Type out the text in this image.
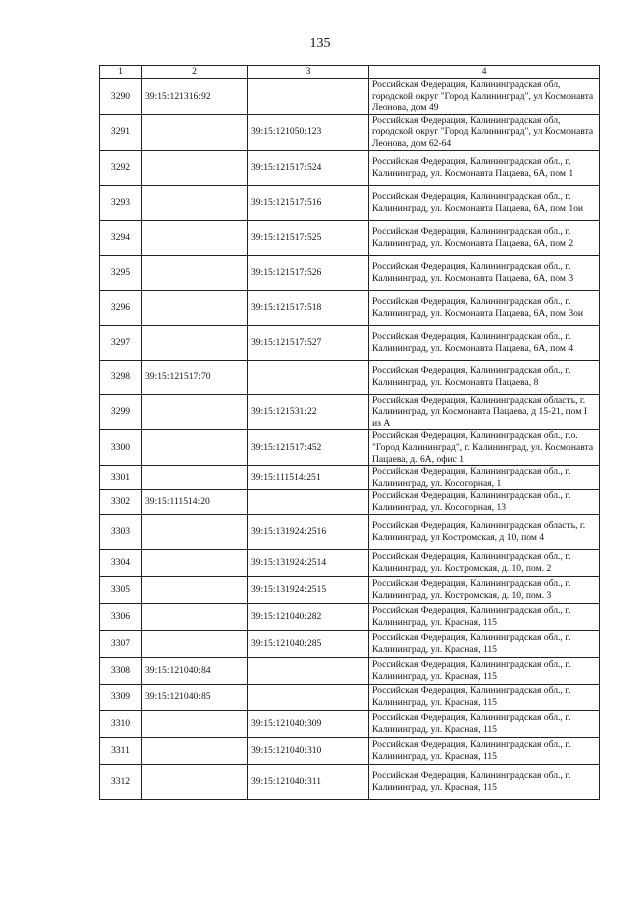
135
1	2	3	4
3290	39:15:121316:92		Российская Федерация, Калининградская обл, городской округ "Город Калининград", ул Космонавта Леонова, дом 49
3291		39:15:121050:123	Российская Федерация, Калининградская обл, городской округ "Город Калининград", ул Космонавта Леонова, дом 62-64
3292		39:15:121517:524	Российская Федерация, Калининградская обл., г. Калининград, ул. Космонавта Пацаева, 6А, пом 1
3293		39:15:121517:516	Российская Федерация, Калининградская обл., г. Калининград, ул. Космонавта Пацаева, 6А, пом 1ои
3294		39:15:121517:525	Российская Федерация, Калининградская обл., г. Калининград, ул. Космонавта Пацаева, 6А, пом 2
3295		39:15:121517:526	Российская Федерация, Калининградская обл., г. Калининград, ул. Космонавта Пацаева, 6А, пом 3
3296		39:15:121517:518	Российская Федерация, Калининградская обл., г. Калининград, ул. Космонавта Пацаева, 6А, пом 3ои
3297		39:15:121517:527	Российская Федерация, Калининградская обл., г. Калининград, ул. Космонавта Пацаева, 6А, пом 4
3298	39:15:121517:70		Российская Федерация, Калининградская обл., г. Калининград, ул. Космонавта Пацаева, 8
3299		39:15:121531:22	Российская Федерация, Калининградская область, г. Калининград, ул Космонавта Пацаева, д 15-21, пом I из А
3300		39:15:121517:452	Российская Федерация, Калининградская обл., г.о. "Город Калининград", г. Калининград, ул. Космонавта Пацаева, д. 6А, офис 1
3301		39:15:111514:251	Российская Федерация, Калининградская обл., г. Калининград, ул. Косогорная, 1
3302	39:15:111514:20		Российская Федерация, Калининградская обл., г. Калининград, ул. Косогорная, 13
3303		39:15:131924:2516	Российская Федерация, Калининградская область, г. Калининград, ул Костромская, д 10, пом 4
3304		39:15:131924:2514	Российская Федерация, Калининградская обл., г. Калининград, ул. Костромская, д. 10, пом. 2
3305		39:15:131924:2515	Российская Федерация, Калининградская обл., г. Калининград, ул. Костромская, д. 10, пом. 3
3306		39:15:121040:282	Российская Федерация, Калининградская обл., г. Калининград, ул. Красная, 115
3307		39:15:121040:285	Российская Федерация, Калининградская обл., г. Калининград, ул. Красная, 115
3308	39:15:121040:84		Российская Федерация, Калининградская обл., г. Калининград, ул. Красная, 115
3309	39:15:121040:85		Российская Федерация, Калининградская обл., г. Калининград, ул. Красная, 115
3310		39:15:121040:309	Российская Федерация, Калининградская обл., г. Калининград, ул. Красная, 115
3311		39:15:121040:310	Российская Федерация, Калининградская обл., г. Калининград, ул. Красная, 115
3312		39:15:121040:311	Российская Федерация, Калининградская обл., г. Калининград, ул. Красная, 115
